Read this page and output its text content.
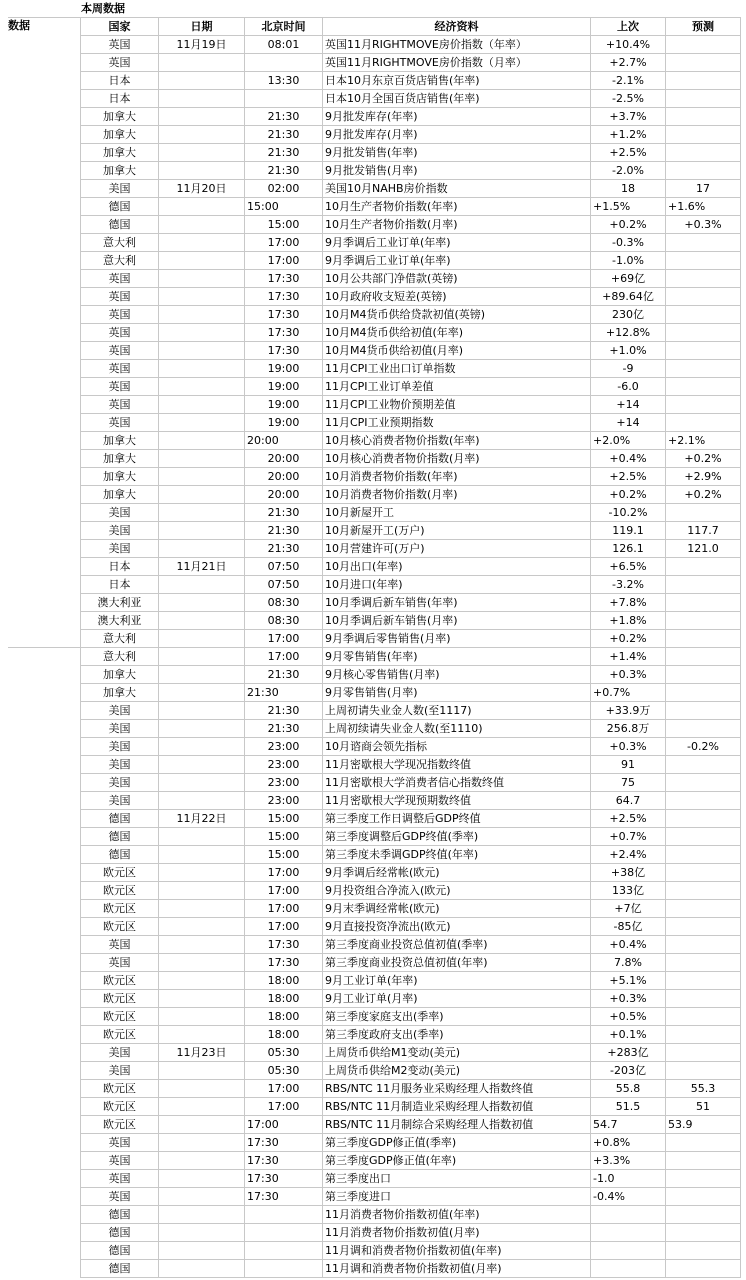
本周数据
数据	国家	日期	北京时间	经济资料	上次	预测
英国	11月19日	08:01	英国11月RIGHTMOVE房价指数（年率）	+10.4%	
英国			英国11月RIGHTMOVE房价指数（月率）	+2.7%	
日本		13:30	日本10月东京百货店销售(年率)	-2.1%	
日本			日本10月全国百货店销售(年率)	-2.5%	
加拿大		21:30	9月批发库存(年率)	+3.7%	
加拿大		21:30	9月批发库存(月率)	+1.2%	
加拿大		21:30	9月批发销售(年率)	+2.5%	
加拿大		21:30	9月批发销售(月率)	-2.0%	
美国	11月20日	02:00	美国10月NAHB房价指数	18	17
德国		15:00	10月生产者物价指数(年率)	+1.5%	+1.6%
德国		15:00	10月生产者物价指数(月率)	+0.2%	+0.3%
意大利		17:00	9月季调后工业订单(年率)	-0.3%	
意大利		17:00	9月季调后工业订单(年率)	-1.0%	
英国		17:30	10月公共部门净借款(英镑)	+69亿	
英国		17:30	10月政府收支短差(英镑)	+89.64亿	
英国		17:30	10月M4货币供给贷款初值(英镑)	230亿	
英国		17:30	10月M4货币供给初值(年率)	+12.8%	
英国		17:30	10月M4货币供给初值(月率)	+1.0%	
英国		19:00	11月CPI工业出口订单指数	-9	
英国		19:00	11月CPI工业订单差值	-6.0	
英国		19:00	11月CPI工业物价预期差值	+14	
英国		19:00	11月CPI工业预期指数	+14	
加拿大		20:00	10月核心消费者物价指数(年率)	+2.0%	+2.1%
加拿大		20:00	10月核心消费者物价指数(月率)	+0.4%	+0.2%
加拿大		20:00	10月消费者物价指数(年率)	+2.5%	+2.9%
加拿大		20:00	10月消费者物价指数(月率)	+0.2%	+0.2%
美国		21:30	10月新屋开工	-10.2%	
美国		21:30	10月新屋开工(万户)	119.1	117.7
美国		21:30	10月营建许可(万户)	126.1	121.0
日本	11月21日	07:50	10月出口(年率)	+6.5%	
日本		07:50	10月进口(年率)	-3.2%	
澳大利亚		08:30	10月季调后新车销售(年率)	+7.8%	
澳大利亚		08:30	10月季调后新车销售(月率)	+1.8%	
意大利		17:00	9月季调后零售销售(月率)	+0.2%	
意大利		17:00	9月零售销售(年率)	+1.4%	
加拿大		21:30	9月核心零售销售(月率)	+0.3%	
加拿大		21:30	9月零售销售(月率)	+0.7%	
美国		21:30	上周初请失业金人数(至1117)	+33.9万	
美国		21:30	上周初续请失业金人数(至1110)	256.8万	
美国		23:00	10月谘商会领先指标	+0.3%	-0.2%
美国		23:00	11月密歇根大学现况指数终值	91	
美国		23:00	11月密歇根大学消费者信心指数终值	75	
美国		23:00	11月密歇根大学现预期数终值	64.7	
德国	11月22日	15:00	第三季度工作日调整后GDP终值	+2.5%	
德国		15:00	第三季度调整后GDP终值(季率)	+0.7%	
德国		15:00	第三季度未季调GDP终值(年率)	+2.4%	
欧元区		17:00	9月季调后经常帐(欧元)	+38亿	
欧元区		17:00	9月投资组合净流入(欧元)	133亿	
欧元区		17:00	9月末季调经常帐(欧元)	+7亿	
欧元区		17:00	9月直接投资净流出(欧元)	-85亿	
英国		17:30	第三季度商业投资总值初值(季率)	+0.4%	
英国		17:30	第三季度商业投资总值初值(年率)	7.8%	
欧元区		18:00	9月工业订单(年率)	+5.1%	
欧元区		18:00	9月工业订单(月率)	+0.3%	
欧元区		18:00	第三季度家庭支出(季率)	+0.5%	
欧元区		18:00	第三季度政府支出(季率)	+0.1%	
美国	11月23日	05:30	上周货币供给M1变动(美元)	+283亿	
美国		05:30	上周货币供给M2变动(美元)	-203亿	
欧元区		17:00	RBS/NTC 11月服务业采购经理人指数终值	55.8	55.3
欧元区		17:00	RBS/NTC 11月制造业采购经理人指数初值	51.5	51
欧元区		17:00	RBS/NTC 11月制综合采购经理人指数初值	54.7	53.9
英国		17:30	第三季度GDP修正值(季率)	+0.8%	
英国		17:30	第三季度GDP修正值(年率)	+3.3%	
英国		17:30	第三季度出口	-1.0	
英国		17:30	第三季度进口	-0.4%	
德国			11月消费者物价指数初值(年率)		
德国			11月消费者物价指数初值(月率)		
德国			11月调和消费者物价指数初值(年率)		
德国			11月调和消费者物价指数初值(月率)		
